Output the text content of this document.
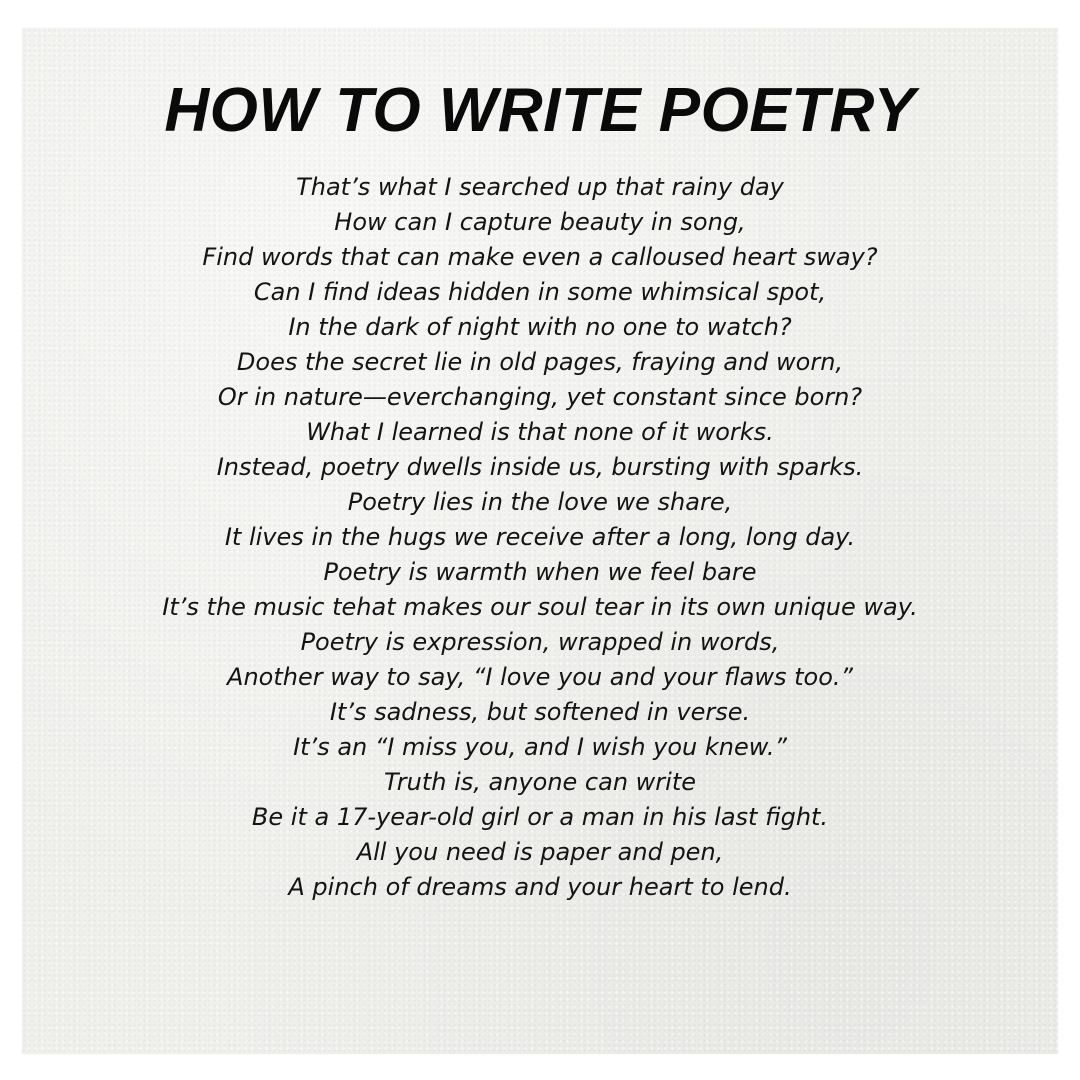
HOW TO WRITE POETRY
That’s what I searched up that rainy day
How can I capture beauty in song,
Find words that can make even a calloused heart sway?
Can I find ideas hidden in some whimsical spot,
In the dark of night with no one to watch?
Does the secret lie in old pages, fraying and worn,
Or in nature—everchanging, yet constant since born?
What I learned is that none of it works.
Instead, poetry dwells inside us, bursting with sparks.
Poetry lies in the love we share,
It lives in the hugs we receive after a long, long day.
Poetry is warmth when we feel bare
It’s the music tehat makes our soul tear in its own unique way.
Poetry is expression, wrapped in words,
Another way to say, “I love you and your flaws too.”
It’s sadness, but softened in verse.
It’s an “I miss you, and I wish you knew.”
Truth is, anyone can write
Be it a 17-year-old girl or a man in his last fight.
All you need is paper and pen,
A pinch of dreams and your heart to lend.
